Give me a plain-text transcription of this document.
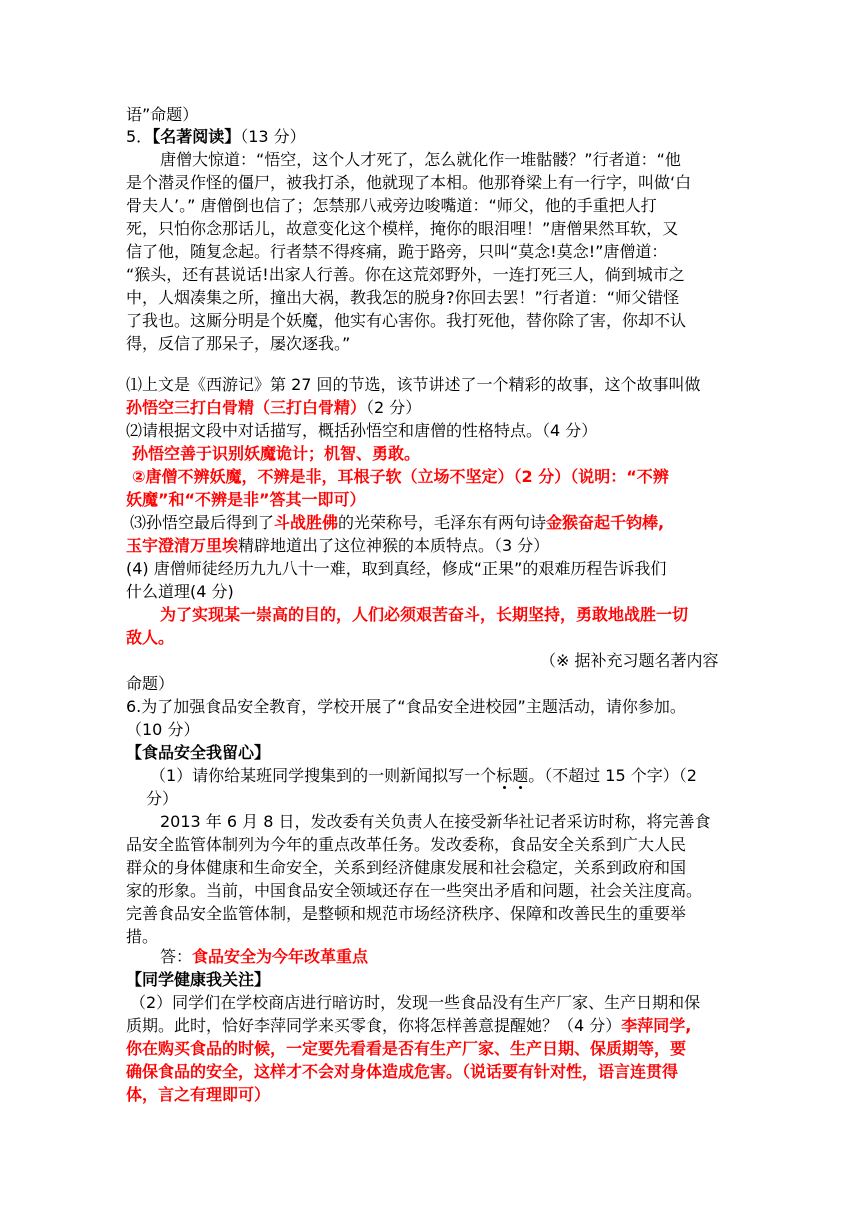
语”命题）
5．【名著阅读】（13 分）
唐僧大惊道：“悟空，这个人才死了，怎么就化作一堆骷髅？”行者道：“他
是个潜灵作怪的僵尸，被我打杀，他就现了本相。他那脊梁上有一行字，叫做‘白
骨夫人’。” 唐僧倒也信了；怎禁那八戒旁边唆嘴道：“师父，他的手重把人打
死，只怕你念那话儿，故意变化这个模样，掩你的眼泪哩！”唐僧果然耳软，又
信了他，随复念起。行者禁不得疼痛，跪于路旁，只叫“莫念!莫念!”唐僧道：
“猴头，还有甚说话!出家人行善。你在这荒郊野外，一连打死三人，倘到城市之
中，人烟凑集之所，撞出大祸，教我怎的脱身?你回去罢！”行者道：“师父错怪
了我也。这厮分明是个妖魔，他实有心害你。我打死他，替你除了害，你却不认
得，反信了那呆子，屡次逐我。”
⑴上文是《西游记》第 27 回的节选，该节讲述了一个精彩的故事，这个故事叫做
孙悟空三打白骨精（三打白骨精）（2 分）
⑵请根据文段中对话描写，概括孙悟空和唐僧的性格特点。（4 分）
孙悟空善于识别妖魔诡计；机智、勇敢。
②唐僧不辨妖魔，不辨是非，耳根子软（立场不坚定）（2 分）（说明：“不辨
妖魔”和“不辨是非”答其一即可）
⑶孙悟空最后得到了斗战胜佛的光荣称号，毛泽东有两句诗金猴奋起千钧棒,
玉宇澄清万里埃精辟地道出了这位神猴的本质特点。（3 分）
(4) 唐僧师徒经历九九八十一难，取到真经，修成“正果”的艰难历程告诉我们
什么道理(4 分)
为了实现某一崇高的目的，人们必须艰苦奋斗，长期坚持，勇敢地战胜一切
敌人。
（※ 据补充习题名著内容
命题）
6.为了加强食品安全教育，学校开展了“食品安全进校园”主题活动，请你参加。
（10 分）
【食品安全我留心】
（1）请你给某班同学搜集到的一则新闻拟写一个标题。（不超过 15 个字）（2
分）
2013 年 6 月 8 日，发改委有关负责人在接受新华社记者采访时称，将完善食
品安全监管体制列为今年的重点改革任务。发改委称，食品安全关系到广大人民
群众的身体健康和生命安全，关系到经济健康发展和社会稳定，关系到政府和国
家的形象。当前，中国食品安全领域还存在一些突出矛盾和问题，社会关注度高。
完善食品安全监管体制，是整顿和规范市场经济秩序、保障和改善民生的重要举
措。
答：食品安全为今年改革重点
【同学健康我关注】
（2）同学们在学校商店进行暗访时，发现一些食品没有生产厂家、生产日期和保
质期。此时，恰好李萍同学来买零食，你将怎样善意提醒她？（4 分）李萍同学,
你在购买食品的时候，一定要先看看是否有生产厂家、生产日期、保质期等，要
确保食品的安全，这样才不会对身体造成危害。（说话要有针对性，语言连贯得
体，言之有理即可）
